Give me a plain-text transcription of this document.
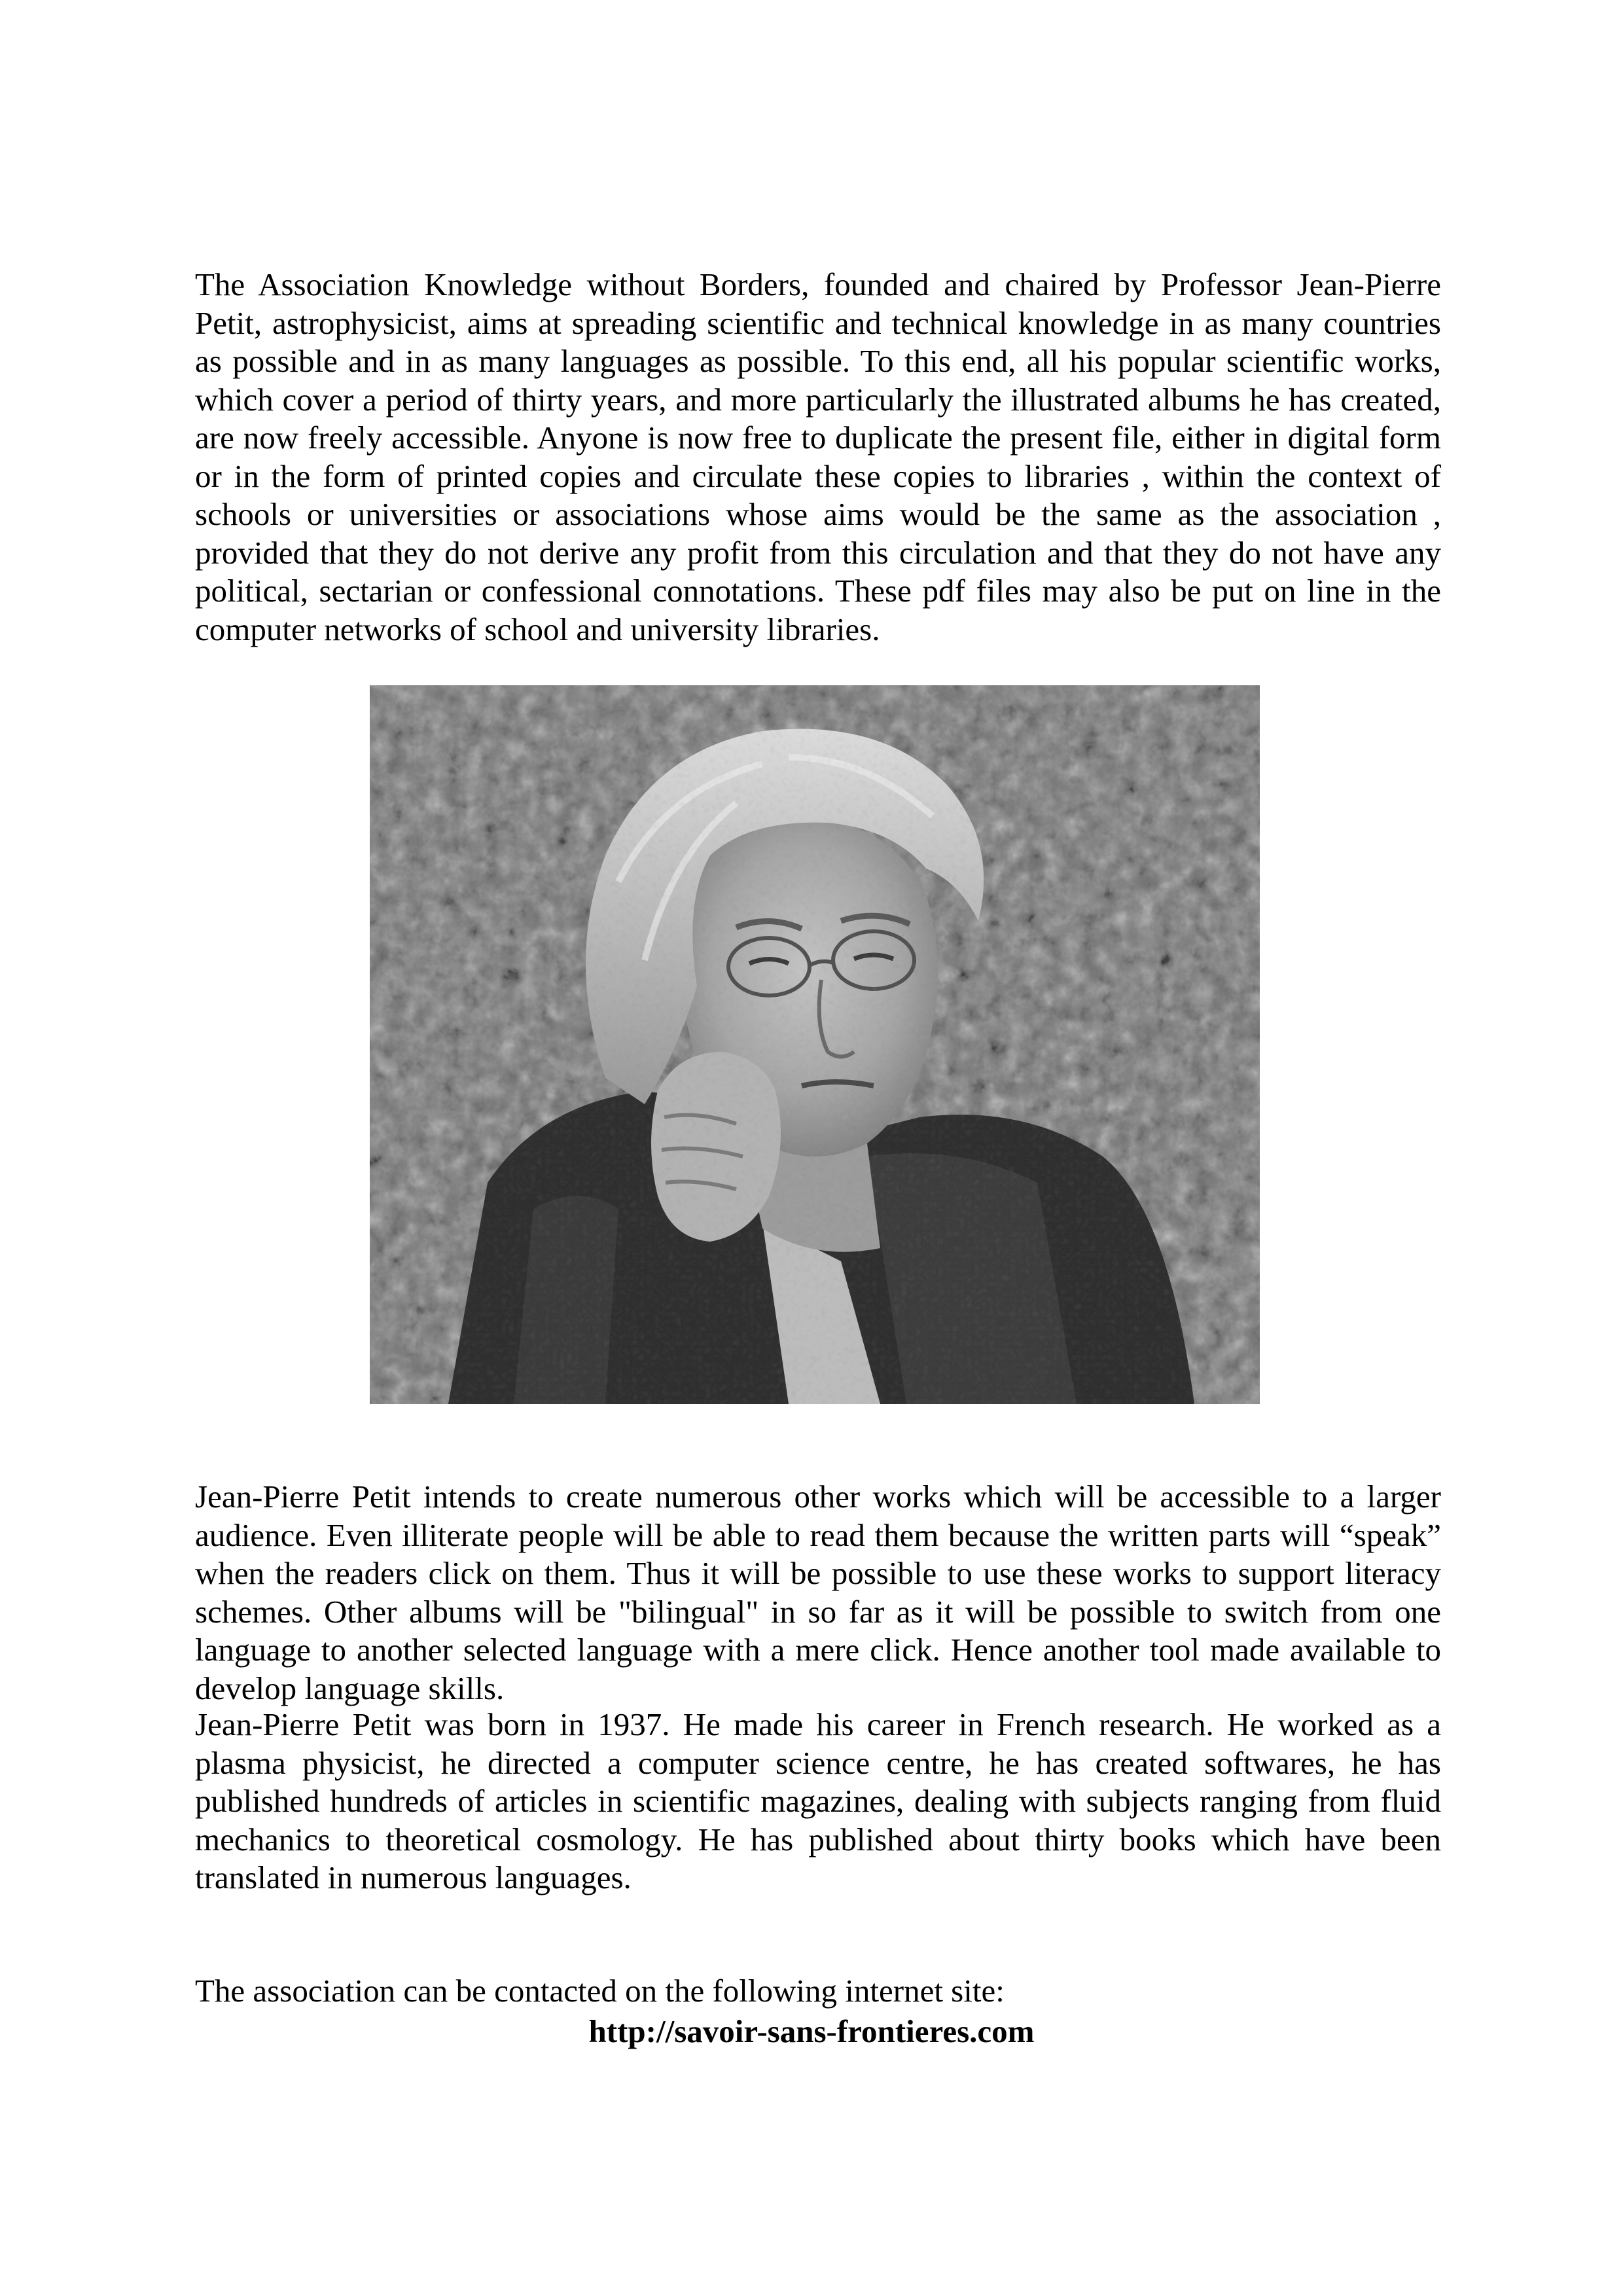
The Association Knowledge without Borders, founded and chaired by Professor Jean-Pierre Petit, astrophysicist, aims at spreading scientific and technical knowledge in as many countries as possible and in as many languages as possible. To this end, all his popular scientific works, which cover a period of thirty years, and more particularly the illustrated albums he has created, are now freely accessible. Anyone is now free to duplicate the present file, either in digital form or in the form of printed copies and circulate these copies to libraries , within the context of schools or universities or associations whose aims would be the same as the association , provided that they do not derive any profit from this circulation and that they do not have any political, sectarian or confessional connotations. These pdf files may also be put on line in the computer networks of school and university libraries.

Jean-Pierre Petit intends to create numerous other works which will be accessible to a larger audience. Even illiterate people will be able to read them because the written parts will “speak” when the readers click on them. Thus it will be possible to use these works to support literacy schemes. Other albums will be "bilingual" in so far as it will be possible to switch from one language to another selected language with a mere click. Hence another tool made available to develop language skills.

Jean-Pierre Petit was born in 1937. He made his career in French research. He worked as a plasma physicist, he directed a computer science centre, he has created softwares, he has published hundreds of articles in scientific magazines, dealing with subjects ranging from fluid mechanics to theoretical cosmology. He has published about thirty books which have been translated in numerous languages.

The association can be contacted on the following internet site:

http://savoir-sans-frontieres.com
